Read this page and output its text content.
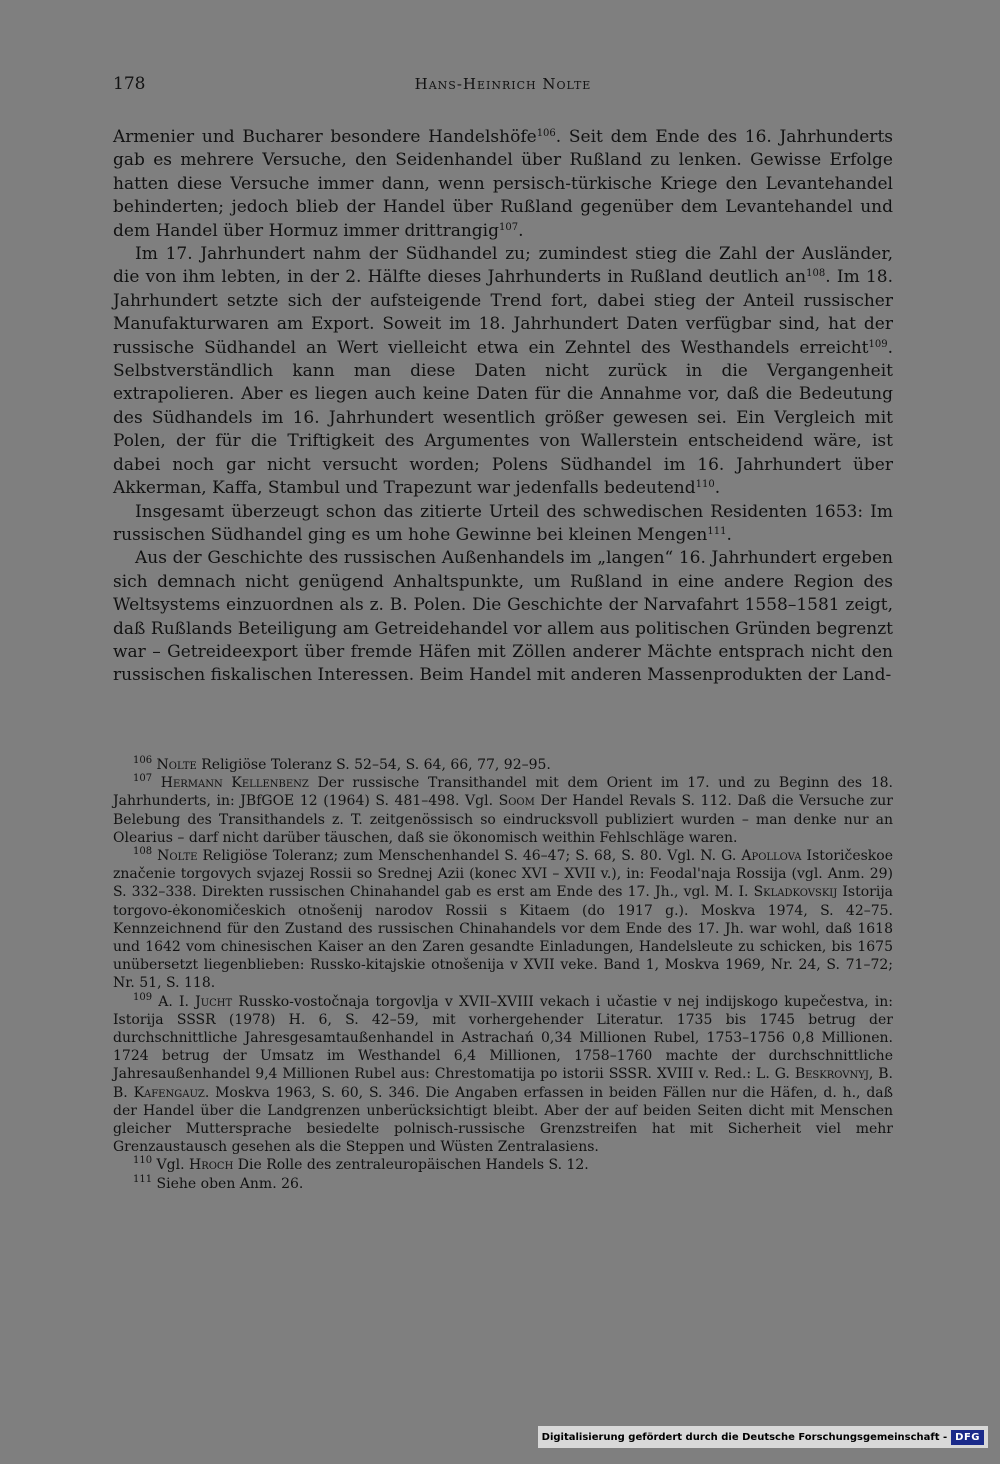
178	Hans-Heinrich Nolte

Armenier und Bucharer besondere Handelshöfe$^{106}$. Seit dem Ende des 16. Jahrhunderts gab es mehrere Versuche, den Seidenhandel über Rußland zu lenken. Gewisse Erfolge hatten diese Versuche immer dann, wenn persisch-türkische Kriege den Levantehandel behinderten; jedoch blieb der Handel über Rußland gegenüber dem Levantehandel und dem Handel über Hormuz immer drittrangig$^{107}$.

Im 17. Jahrhundert nahm der Südhandel zu; zumindest stieg die Zahl der Ausländer, die von ihm lebten, in der 2. Hälfte dieses Jahrhunderts in Rußland deutlich $an^{108}$. Im 18. Jahrhundert setzte sich der aufsteigende Trend fort, dabei stieg der Anteil russischer Manufakturwaren am Export. Soweit im 18. Jahrhundert Daten verfügbar sind, hat der russische Südhandel an Wert vielleicht etwa ein Zehntel des Westhandels erreicht$^{109}$. Selbstverständlich kann man diese Daten nicht zurück in die Vergangenheit extrapolieren. Aber es liegen auch keine Daten für die Annahme vor, daß die Bedeutung des Südhandels im 16. Jahrhundert wesentlich größer gewesen sei. Ein Vergleich mit Polen, der für die Triftigkeit des Argumentes von Wallerstein entscheidend wäre, ist dabei noch gar nicht versucht worden; Polens Südhandel im 16. Jahrhundert über Akkerman, Kaffa, Stambul und Trapezunt war jedenfalls bedeutend$^{110}$.

Insgesamt überzeugt schon das zitierte Urteil des schwedischen Residenten 1653: Im russischen Südhandel ging es um hohe Gewinne bei kleinen Mengen$^{111}$.

Aus der Geschichte des russischen Außenhandels im „langen“ 16. Jahrhundert ergeben sich demnach nicht genügend Anhaltspunkte, um Rußland in eine andere Region des Weltsystems einzuordnen als z. B. Polen. Die Geschichte der Narvafahrt 1558–1581 zeigt, daß Rußlands Beteiligung am Getreidehandel vor allem aus politischen Gründen begrenzt war – Getreideexport über fremde Häfen mit Zöllen anderer Mächte entsprach nicht den russischen fiskalischen Interessen. Beim Handel mit anderen Massenprodukten der Land-

$^{106}$ Nolte Religiöse Toleranz S. 52–54, S. 64, 66, 77, 92–95.

$^{107}$ Hermann Kellenbenz Der russische Transithandel mit dem Orient im 17. und zu Beginn des 18. Jahrhunderts, in: JBfGOE 12 (1964) S. 481–498. Vgl. Soom Der Handel Revals S. 112. Daß die Versuche zur Belebung des Transithandels z. T. zeitgenössisch so eindrucksvoll publiziert wurden – man denke nur an Olearius – darf nicht darüber täuschen, daß sie ökonomisch weithin Fehlschläge waren.

$^{108}$ Nolte Religiöse Toleranz; zum Menschenhandel S. 46–47; S. 68, S. 80. Vgl. N. G. Apollova Istoričeskoe značenie torgovych svjazej Rossii so Srednej Azii (konec XVI – XVII v.), in: Feodal'naja Rossija (vgl. Anm. 29) S. 332–338. Direkten russischen Chinahandel gab es erst am Ende des 17. Jh., vgl. M. I. Skladkovskij Istorija torgovo-ėkonomičeskich otnošenij narodov Rossii s Kitaem (do 1917 g.). Moskva 1974, S. 42–75. Kennzeichnend für den Zustand des russischen Chinahandels vor dem Ende des 17. Jh. war wohl, daß 1618 und 1642 vom chinesischen Kaiser an den Zaren gesandte Einladungen, Handelsleute zu schicken, bis 1675 unübersetzt liegenblieben: Russko-kitajskie otnošenija v XVII veke. Band 1, Moskva 1969, Nr. 24, S. 71–72; Nr. 51, S. 118.

$^{109}$ A. I. Jucht Russko-vostočnaja torgovlja v XVII–XVIII vekach i učastie v nej indijskogo kupečestva, in: Istorija SSSR (1978) H. 6, S. 42–59, mit vorhergehender Literatur. 1735 bis 1745 betrug der durchschnittliche Jahresgesamtaußenhandel in Astrachań 0,34 Millionen Rubel, 1753–1756 0,8 Millionen. 1724 betrug der Umsatz im Westhandel 6,4 Millionen, 1758–1760 machte der durchschnittliche Jahresaußenhandel 9,4 Millionen Rubel aus: Chrestomatija po istorii SSSR. XVIII v. Red.: L. G. Beskrovnyj, B. B. Kafengauz. Moskva 1963, S. 60, S. 346. Die Angaben erfassen in beiden Fällen nur die Häfen, d. h., daß der Handel über die Landgrenzen unberücksichtigt bleibt. Aber der auf beiden Seiten dicht mit Menschen gleicher Muttersprache besiedelte polnisch-russische Grenzstreifen hat mit Sicherheit viel mehr Grenzaustausch gesehen als die Steppen und Wüsten Zentralasiens.

$^{110}$ Vgl. Hroch Die Rolle des zentraleuropäischen Handels S. 12.

$^{111}$ Siehe oben Anm. 26.

Digitalisierung gefördert durch die Deutsche Forschungsgemeinschaft - DFG
